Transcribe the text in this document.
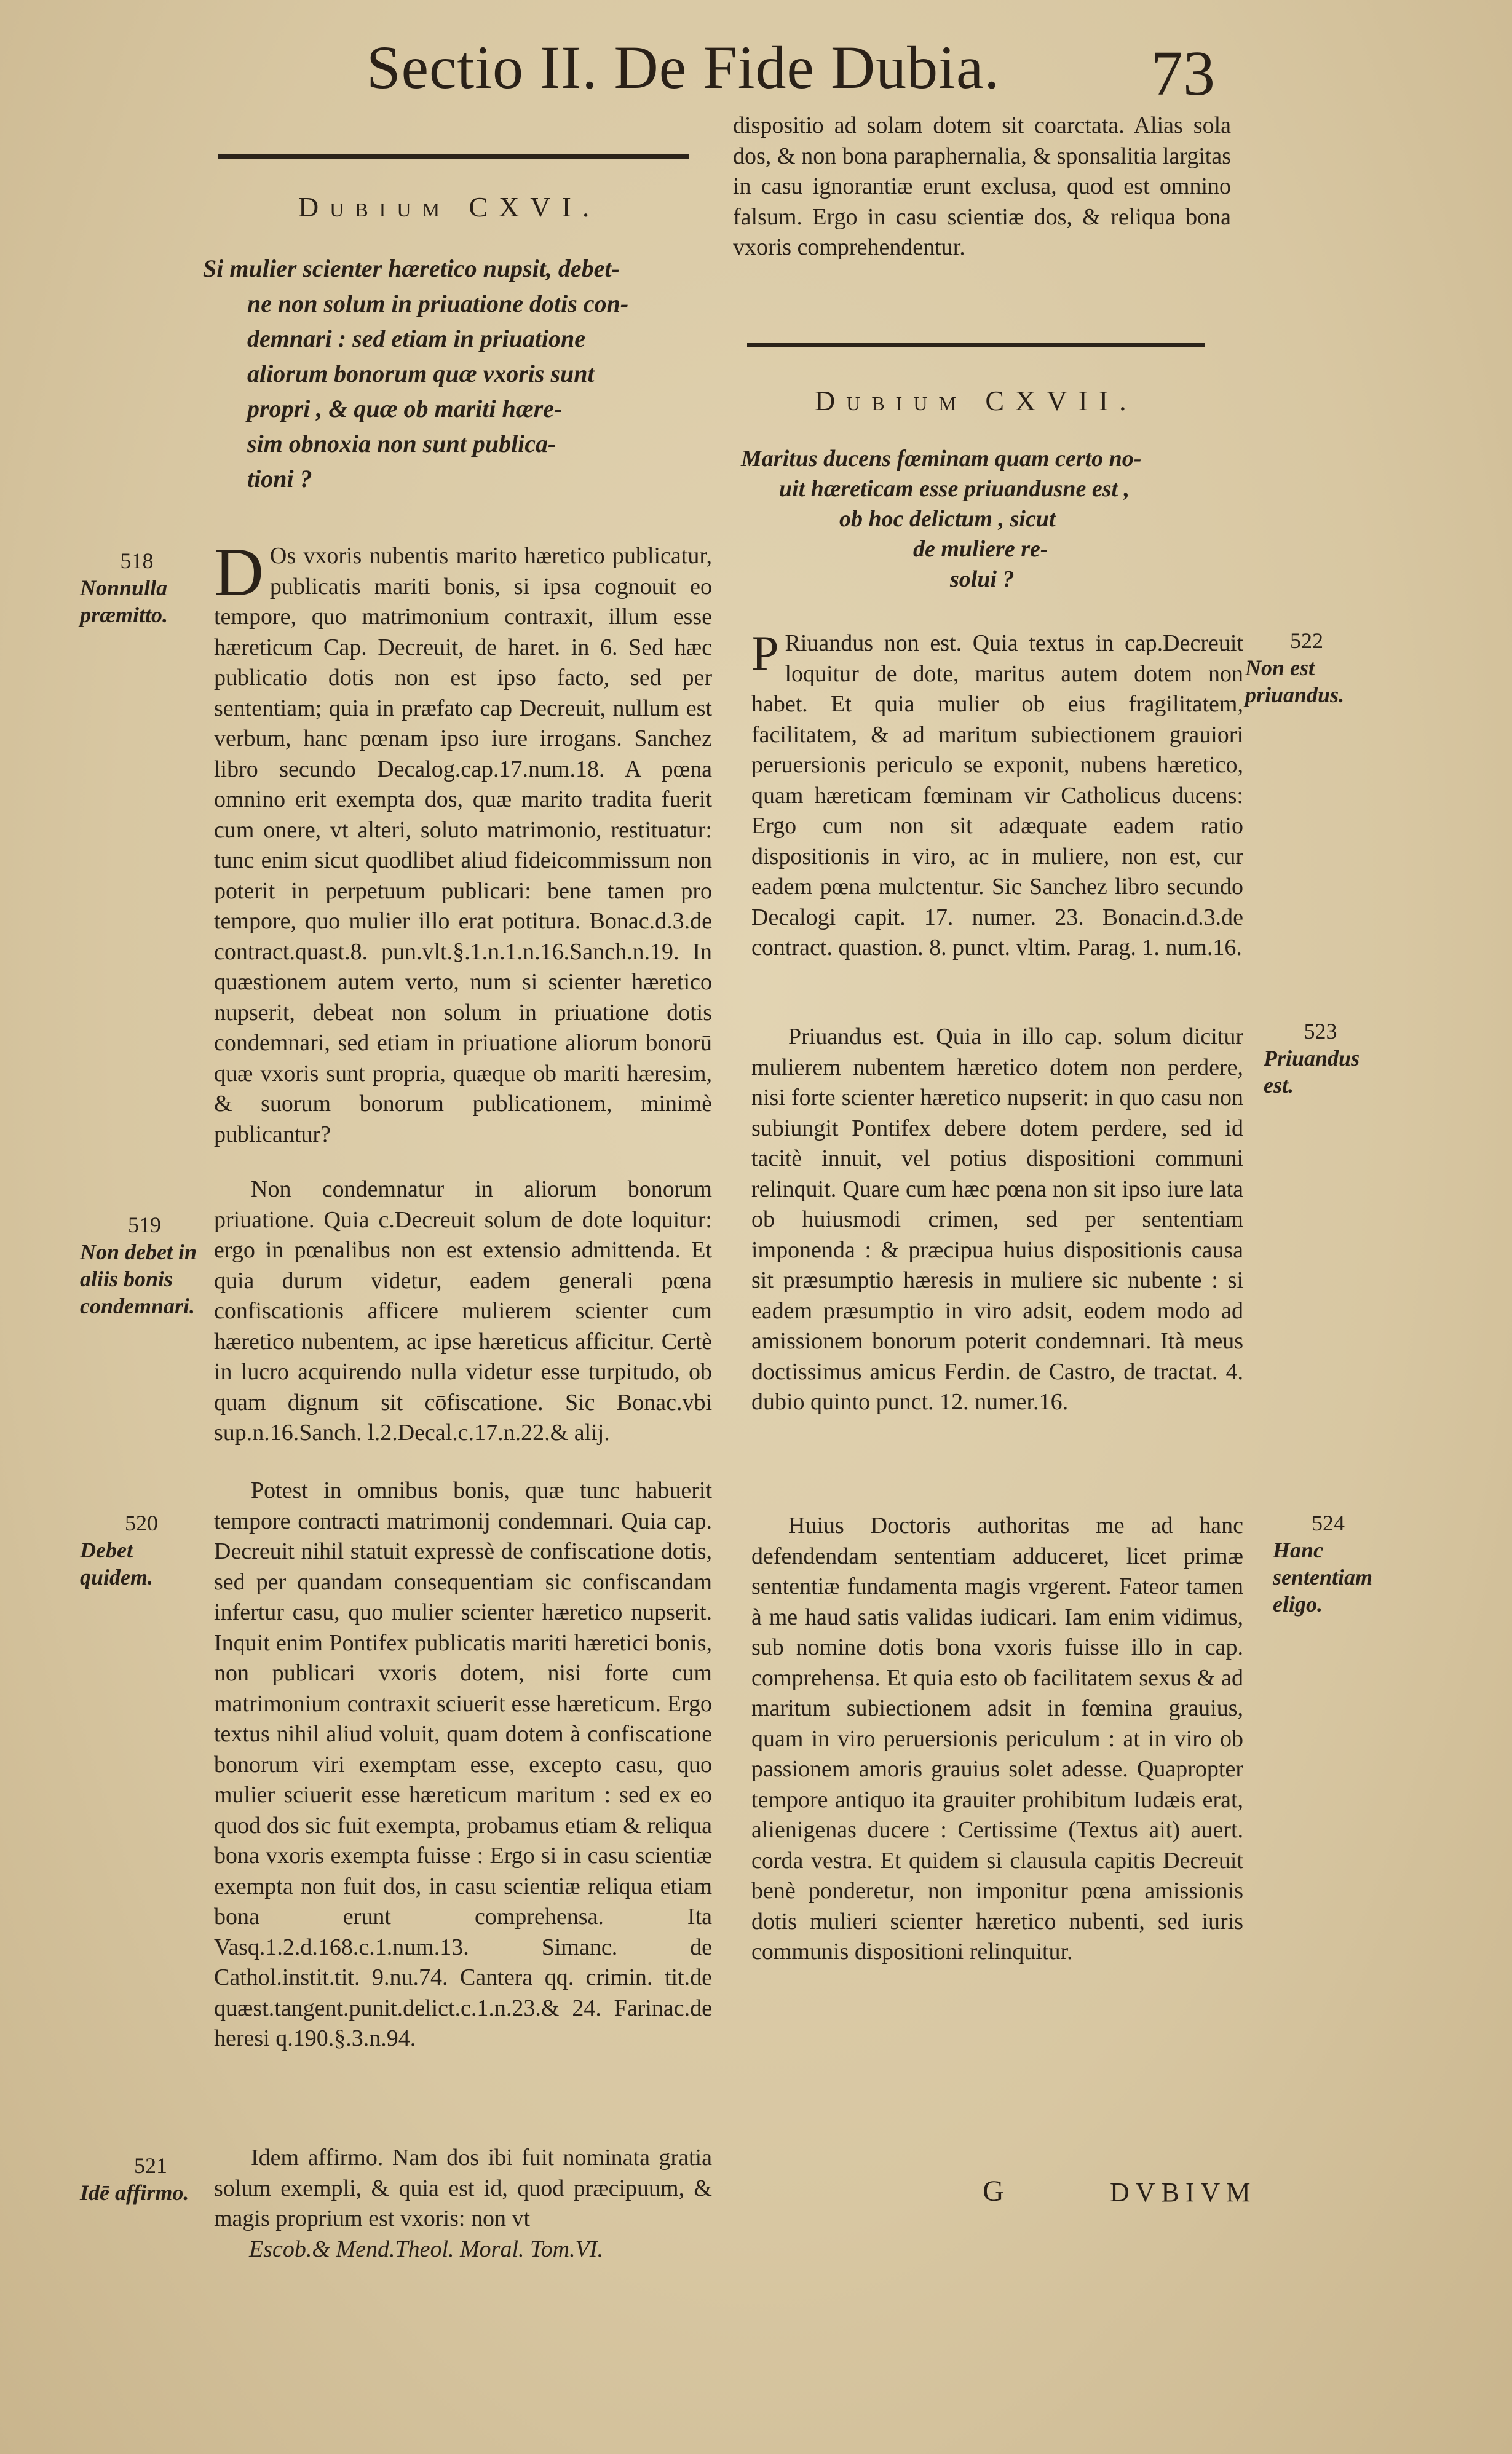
Sectio II. De Fide Dubia. 73
Dubium CXVI.
Si mulier scienter hæretico nupsit, debet-
ne non solum in priuatione dotis con-
demnari : sed etiam in priuatione
aliorum bonorum quæ vxoris sunt
propri , & quæ ob mariti hære-
sim obnoxia non sunt publica-
tioni ?

D Os vxoris nubentis marito hæretico publicatur, publicatis mariti bonis, si ipsa cognouit eo tempore, quo matrimonium contraxit, illum esse hæreticum Cap. Decreuit, de haret. in 6. Sed hæc publicatio dotis non est ipso facto, sed per sententiam; quia in præfato cap Decreuit, nullum est verbum, hanc pœnam ipso iure irrogans. Sanchez libro secundo Decalog.cap.17.num.18. A pœna omnino erit exempta dos, quæ marito tradita fuerit cum onere, vt alteri, soluto matrimonio, restituatur: tunc enim sicut quodlibet aliud fideicommissum non poterit in perpetuum publicari: bene tamen pro tempore, quo mulier illo erat potitura. Bonac.d.3.de contract.quast.8. pun.vlt.§.1.n.1.n.16.Sanch.n.19. In quæstionem autem verto, num si scienter hæretico nupserit, debeat non solum in priuatione dotis condemnari, sed etiam in priuatione aliorum bonorū quæ vxoris sunt propria, quæque ob mariti hæresim, & suorum bonorum publicationem, minimè publicantur?

Non condemnatur in aliorum bonorum priuatione. Quia c.Decreuit solum de dote loquitur: ergo in pœnalibus non est extensio admittenda. Et quia durum videtur, eadem generali pœna confiscationis afficere mulierem scienter cum hæretico nubentem, ac ipse hæreticus afficitur. Certè in lucro acquirendo nulla videtur esse turpitudo, ob quam dignum sit cōfiscatione. Sic Bonac.vbi sup.n.16.Sanch. l.2.Decal.c.17.n.22.& alij.

Potest in omnibus bonis, quæ tunc habuerit tempore contracti matrimonij condemnari. Quia cap. Decreuit nihil statuit expressè de confiscatione dotis, sed per quandam consequentiam sic confiscandam infertur casu, quo mulier scienter hæretico nupserit. Inquit enim Pontifex publicatis mariti hæretici bonis, non publicari vxoris dotem, nisi forte cum matrimonium contraxit sciuerit esse hæreticum. Ergo textus nihil aliud voluit, quam dotem à confiscatione bonorum viri exemptam esse, excepto casu, quo mulier sciuerit esse hæreticum maritum : sed ex eo quod dos sic fuit exempta, probamus etiam & reliqua bona vxoris exempta fuisse : Ergo si in casu scientiæ exempta non fuit dos, in casu scientiæ reliqua etiam bona erunt comprehensa. Ita Vasq.1.2.d.168.c.1.num.13. Simanc. de Cathol.instit.tit. 9.nu.74. Cantera qq. crimin. tit.de quæst.tangent.punit.delict.c.1.n.23.& 24. Farinac.de heresi q.190.§.3.n.94.

Idem affirmo. Nam dos ibi fuit nominata gratia solum exempli, & quia est id, quod præcipuum, & magis proprium est vxoris: non vt

518
Nonnulla præmitto.
519
Non debet in aliis bonis condemnari.
520
Debet quidem.
521
Idē affirmo.
Escob.& Mend.Theol. Moral. Tom.VI.
dispositio ad solam dotem sit coarctata. Alias sola dos, & non bona paraphernalia, & sponsalitia largitas in casu ignorantiæ erunt exclusa, quod est omnino falsum. Ergo in casu scientiæ dos, & reliqua bona vxoris comprehendentur.
Dubium CXVII.
Maritus ducens fœminam quam certo no-
uit hæreticam esse priuandusne est ,
ob hoc delictum , sicut
de muliere re-
solui ?

P Riuandus non est. Quia textus in cap.Decreuit loquitur de dote, maritus autem dotem non habet. Et quia mulier ob eius fragilitatem, facilitatem, & ad maritum subiectionem grauiori peruersionis periculo se exponit, nubens hæretico, quam hæreticam fœminam vir Catholicus ducens: Ergo cum non sit adæquate eadem ratio dispositionis in viro, ac in muliere, non est, cur eadem pœna mulctentur. Sic Sanchez libro secundo Decalogi capit. 17. numer. 23. Bonacin.d.3.de contract. quastion. 8. punct. vltim. Parag. 1. num.16.

Priuandus est. Quia in illo cap. solum dicitur mulierem nubentem hæretico dotem non perdere, nisi forte scienter hæretico nupserit: in quo casu non subiungit Pontifex debere dotem perdere, sed id tacitè innuit, vel potius dispositioni communi relinquit. Quare cum hæc pœna non sit ipso iure lata ob huiusmodi crimen, sed per sententiam imponenda : & præcipua huius dispositionis causa sit præsumptio hæresis in muliere sic nubente : si eadem præsumptio in viro adsit, eodem modo ad amissionem bonorum poterit condemnari. Ità meus doctissimus amicus Ferdin. de Castro, de tractat. 4. dubio quinto punct. 12. numer.16.

Huius Doctoris authoritas me ad hanc defendendam sententiam adduceret, licet primæ sententiæ fundamenta magis vrgerent. Fateor tamen à me haud satis validas iudicari. Iam enim vidimus, sub nomine dotis bona vxoris fuisse illo in cap. comprehensa. Et quia esto ob facilitatem sexus & ad maritum subiectionem adsit in fœmina grauius, quam in viro peruersionis periculum : at in viro ob passionem amoris grauius solet adesse. Quapropter tempore antiquo ita grauiter prohibitum Iudæis erat, alienigenas ducere : Certissime (Textus ait) auert. corda vestra. Et quidem si clausula capitis Decreuit benè ponderetur, non imponitur pœna amissionis dotis mulieri scienter hæretico nubenti, sed iuris communis dispositioni relinquitur.

522
Non est priuandus.
523
Priuandus est.
524
Hanc sententiam eligo.
G	DVBIVM
